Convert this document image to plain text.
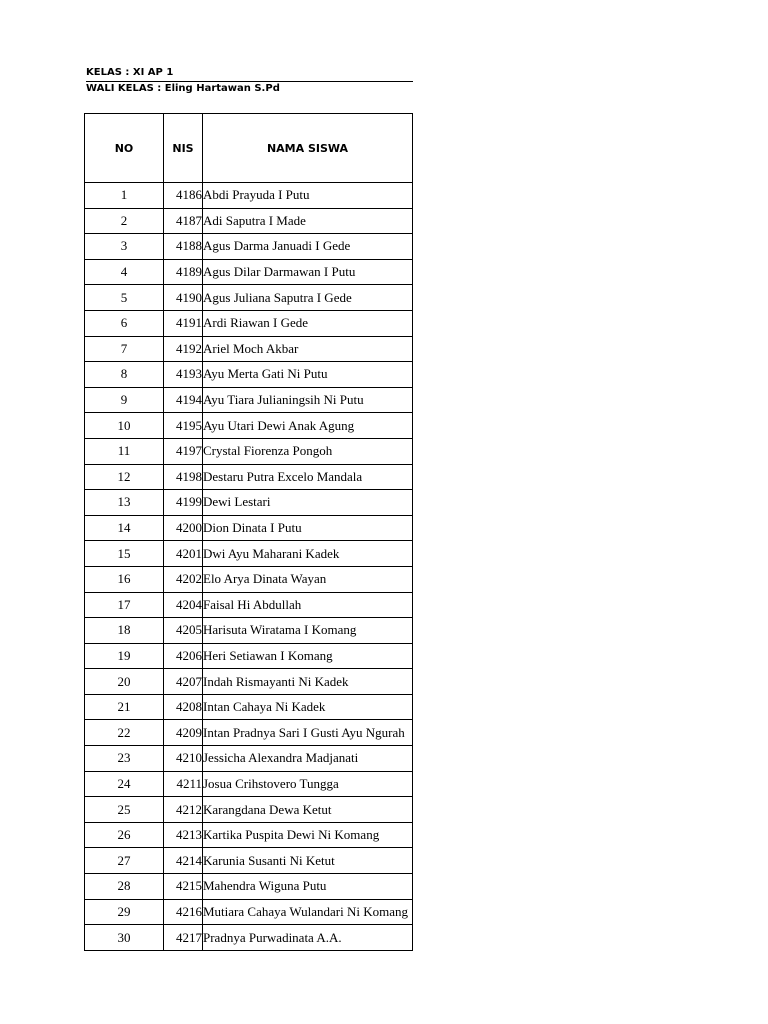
KELAS : XI AP 1
WALI KELAS : Eling Hartawan S.Pd
NO	NIS	NAMA SISWA
1	4186	Abdi Prayuda I Putu
2	4187	Adi Saputra I Made
3	4188	Agus Darma Januadi I Gede
4	4189	Agus Dilar Darmawan I Putu
5	4190	Agus Juliana Saputra I Gede
6	4191	Ardi Riawan I Gede
7	4192	Ariel Moch Akbar
8	4193	Ayu Merta Gati Ni Putu
9	4194	Ayu Tiara Julianingsih Ni Putu
10	4195	Ayu Utari Dewi Anak Agung
11	4197	Crystal Fiorenza Pongoh
12	4198	Destaru Putra Excelo Mandala
13	4199	Dewi Lestari
14	4200	Dion Dinata I Putu
15	4201	Dwi Ayu Maharani Kadek
16	4202	Elo Arya Dinata Wayan
17	4204	Faisal Hi Abdullah
18	4205	Harisuta Wiratama I Komang
19	4206	Heri Setiawan I Komang
20	4207	Indah Rismayanti Ni Kadek
21	4208	Intan Cahaya Ni Kadek
22	4209	Intan Pradnya Sari I Gusti Ayu Ngurah
23	4210	Jessicha Alexandra Madjanati
24	4211	Josua Crihstovero Tungga
25	4212	Karangdana Dewa Ketut
26	4213	Kartika Puspita Dewi Ni Komang
27	4214	Karunia Susanti Ni Ketut
28	4215	Mahendra Wiguna Putu
29	4216	Mutiara Cahaya Wulandari Ni Komang
30	4217	Pradnya Purwadinata A.A.
